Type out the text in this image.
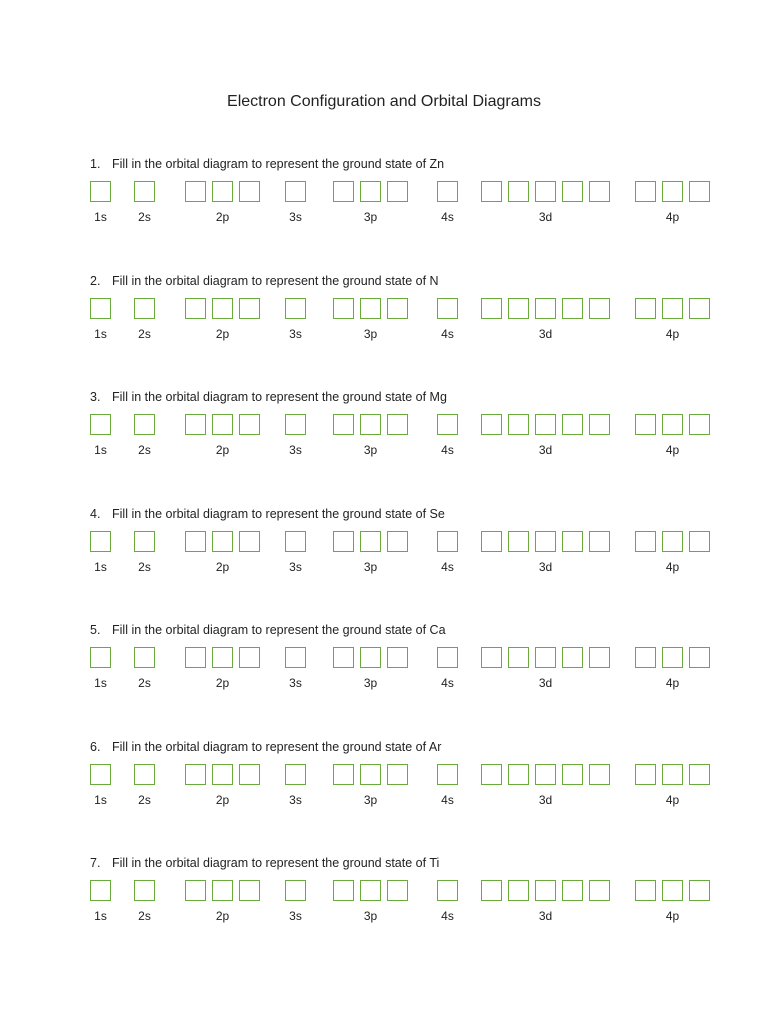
Electron Configuration and Orbital Diagrams
1. Fill in the orbital diagram to represent the ground state of Zn
1s	2s	2p	3s	3p	4s	3d	4p
2. Fill in the orbital diagram to represent the ground state of N
1s	2s	2p	3s	3p	4s	3d	4p
3. Fill in the orbital diagram to represent the ground state of Mg
1s	2s	2p	3s	3p	4s	3d	4p
4. Fill in the orbital diagram to represent the ground state of Se
1s	2s	2p	3s	3p	4s	3d	4p
5. Fill in the orbital diagram to represent the ground state of Ca
1s	2s	2p	3s	3p	4s	3d	4p
6. Fill in the orbital diagram to represent the ground state of Ar
1s	2s	2p	3s	3p	4s	3d	4p
7. Fill in the orbital diagram to represent the ground state of Ti
1s	2s	2p	3s	3p	4s	3d	4p
